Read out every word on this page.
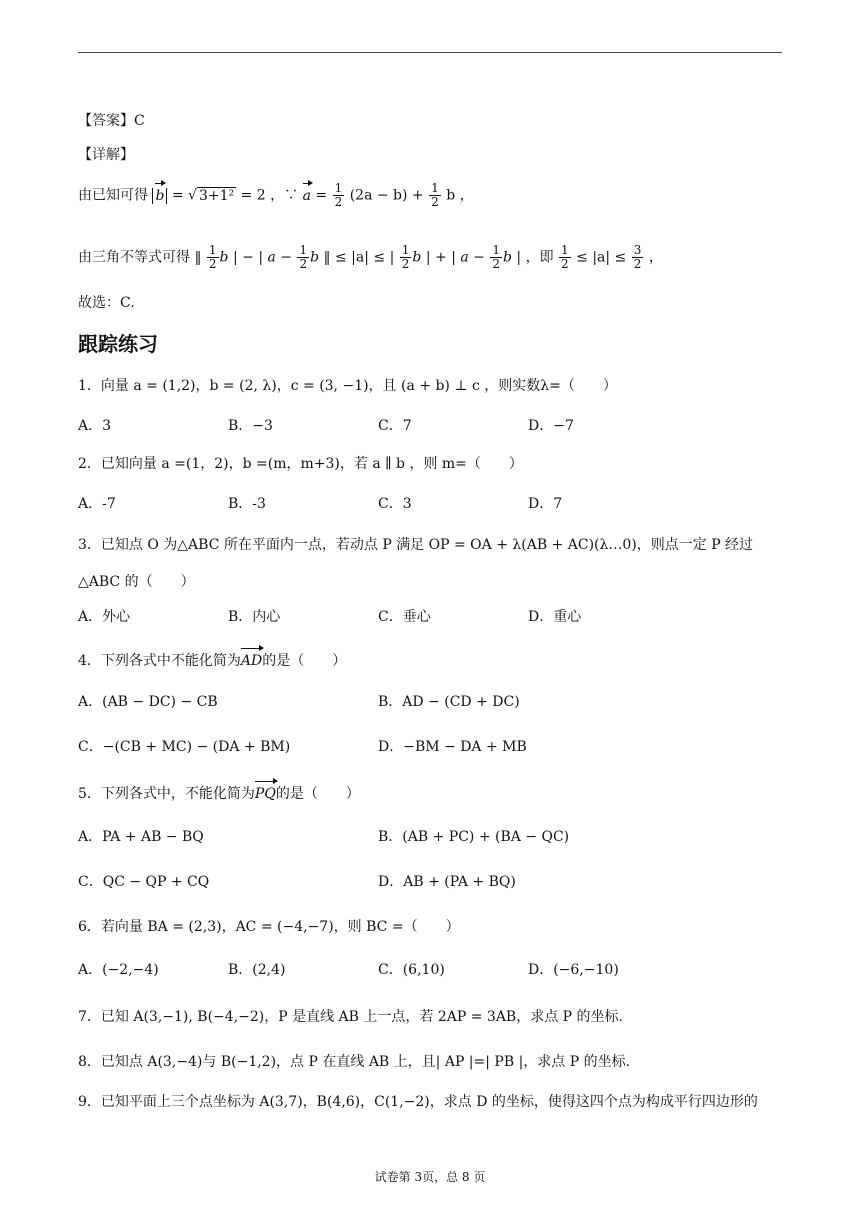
【答案】C
【详解】
由已知可得 b = √ 3+1² = 2 ，∵ $a = \frac{1}{2} (2a - b) + \frac{1}{2}$ b ，
由三角不等式可得 ‖ $\frac{1}{2}$ b | − | $a - \frac{1}{2}$ b ‖ ≤ |a| ≤ | $\frac{1}{2}$ b | + | $a - \frac{1}{2}$ b | ，即 $\frac{1}{2} \le |a| \le \frac{3}{2}$ ，
故选：C.
跟踪练习
1．向量 a = (1,2)，b = (2, λ)，c = (3, −1)，且 (a + b) ⊥ c ，则实数λ=（　　）
A．3	B．−3	C．7	D．−7
2．已知向量 a =(1，2)，b =(m，m+3)，若 a ∥ b ，则 m=（　　）
A．-7	B．-3	C．3	D．7
3．已知点 O 为△ABC 所在平面内一点，若动点 P 满足 OP = OA + λ(AB + AC)(λ…0)，则点一定 P 经过
△ABC 的（　　）
A．外心	B．内心	C．垂心	D．重心
4．下列各式中不能化简为AD的是（　　）
A．(AB − DC) − CB	B．AD − (CD + DC)
C．−(CB + MC) − (DA + BM)	D．−BM − DA + MB
5．下列各式中，不能化简为PQ的是（　　）
A．PA + AB − BQ	B．(AB + PC) + (BA − QC)
C．QC − QP + CQ	D．AB + (PA + BQ)
6．若向量 BA = (2,3)，AC = (−4,−7)，则 BC =（　　）
A．(−2,−4)	B．(2,4)	C．(6,10)	D．(−6,−10)
7．已知 A(3,−1), B(−4,−2)，P 是直线 AB 上一点，若 2AP = 3AB，求点 P 的坐标.
8．已知点 A(3,−4)与 B(−1,2)，点 P 在直线 AB 上，且| AP |=| PB |，求点 P 的坐标.
9．已知平面上三个点坐标为 A(3,7)，B(4,6)，C(1,−2)，求点 D 的坐标，使得这四个点为构成平行四边形的
试卷第 3页，总 8 页
